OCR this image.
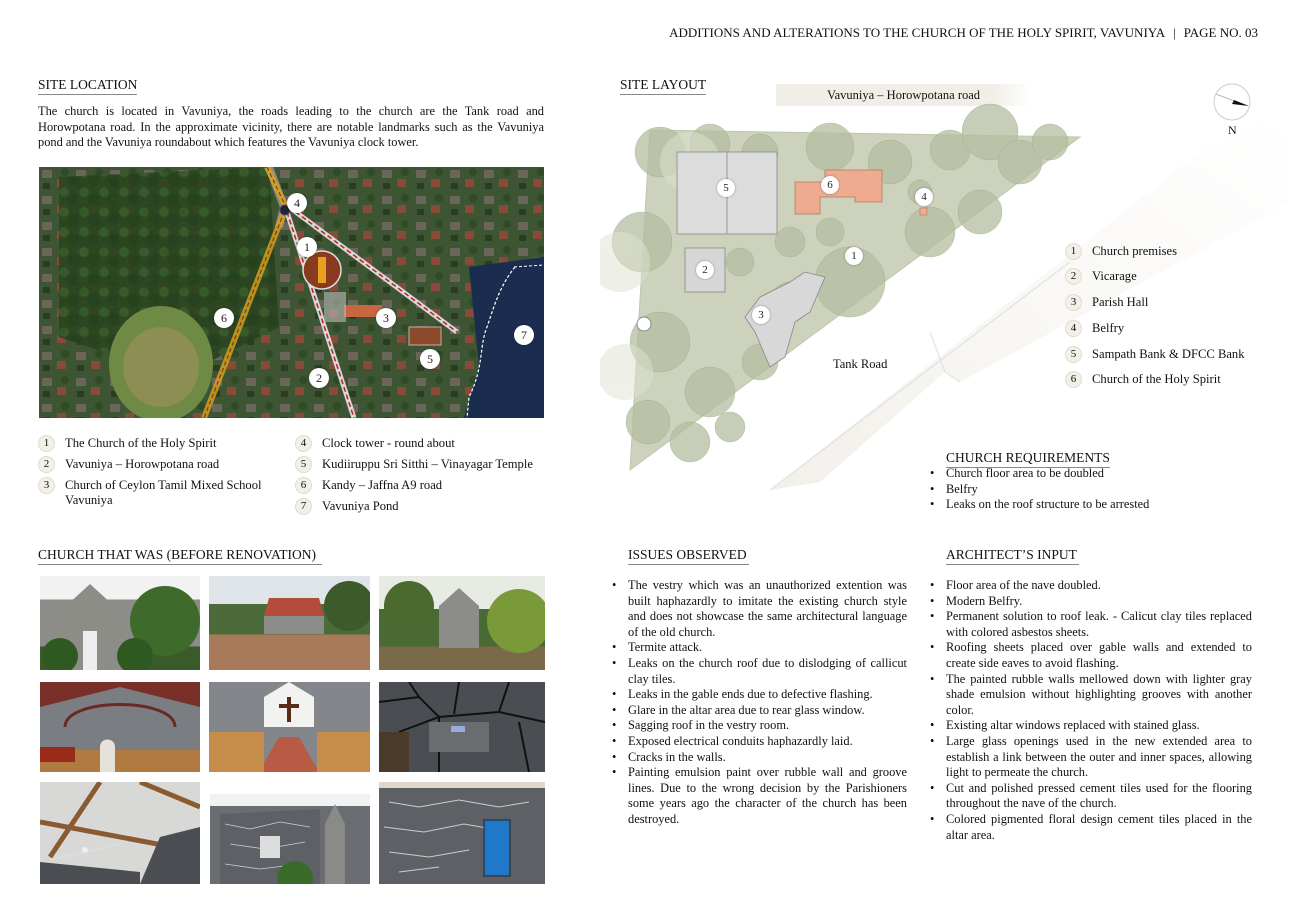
ADDITIONS AND ALTERATIONS TO THE CHURCH OF THE HOLY SPIRIT, VAVUNIYA | PAGE NO. 03
SITE LOCATION

The church is located in Vavuniya, the roads leading to the church are the Tank road and Horowpotana road. In the approximate vicinity, there are notable landmarks such as the Vavuniya pond and the Vavuniya roundabout which features the Vavuniya clock tower.

4
1
3
6
5
2
7
1	The Church of the Holy Spirit
2	Vavuniya – Horowpotana road
3	Church of Ceylon Tamil Mixed School Vavuniya
4	Clock tower - round about
5	Kudiiruppu Sri Sitthi – Vinayagar Temple
6	Kandy – Jaffna A9 road
7	Vavuniya Pond
SITE LAYOUT
N
Vavuniya – Horowpotana road
Tank Road
5	6
4
1
2
3
1	Church premises
2	Vicarage
3	Parish Hall
4	Belfry
5	Sampath Bank & DFCC Bank
6	Church of the Holy Spirit
CHURCH REQUIREMENTS
• Church floor area to be doubled
• Belfry
• Leaks on the roof structure to be arrested
CHURCH THAT WAS (BEFORE RENOVATION)	ISSUES OBSERVED
• The vestry which was an unauthorized extention was built haphazardly to imitate the existing church style and does not showcase the same architectural language of the old church.
• Termite attack.
• Leaks on the church roof due to dislodging of callicut clay tiles.
• Leaks in the gable ends due to defective flashing.
• Glare in the altar area due to rear glass window.
• Sagging roof in the vestry room.
• Exposed electrical conduits haphazardly laid.
• Cracks in the walls.
• Painting emulsion paint over rubble wall and groove lines. Due to the wrong decision by the Parishioners some years ago the character of the church has been destroyed.
ARCHITECT’S INPUT
• Floor area of the nave doubled.
• Modern Belfry.
• Permanent solution to roof leak. - Calicut clay tiles replaced with colored asbestos sheets.
• Roofing sheets placed over gable walls and extended to create side eaves to avoid flashing.
• The painted rubble walls mellowed down with lighter gray shade emulsion without highlighting grooves with another color.
• Existing altar windows replaced with stained glass.
• Large glass openings used in the new extended area to establish a link between the outer and inner spaces, allowing light to permeate the church.
• Cut and polished pressed cement tiles used for the flooring throughout the nave of the church.
• Colored pigmented floral design cement tiles placed in the altar area.
